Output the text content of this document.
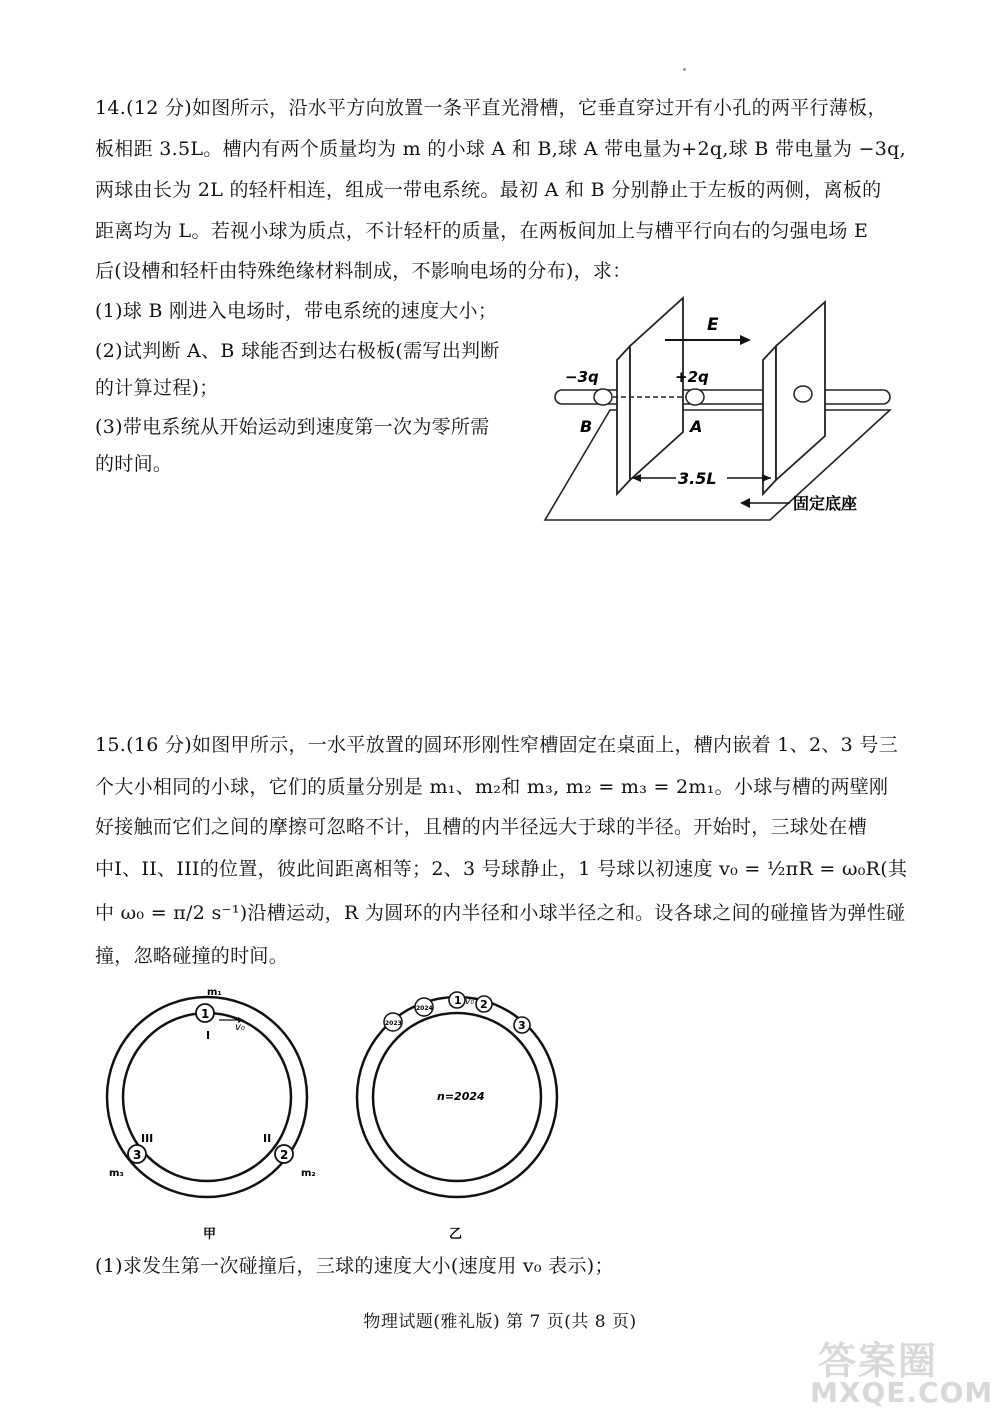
14.(12 分)如图所示，沿水平方向放置一条平直光滑槽，它垂直穿过开有小孔的两平行薄板，
板相距 3.5L。槽内有两个质量均为 m 的小球 A 和 B,球 A 带电量为+2q,球 B 带电量为 −3q,
两球由长为 2L 的轻杆相连，组成一带电系统。最初 A 和 B 分别静止于左板的两侧，离板的
距离均为 L。若视小球为质点，不计轻杆的质量，在两板间加上与槽平行向右的匀强电场 E
后(设槽和轻杆由特殊绝缘材料制成，不影响电场的分布)，求：
(1)球 B 刚进入电场时，带电系统的速度大小；
(2)试判断 A、B 球能否到达右极板(需写出判断
的计算过程)；
(3)带电系统从开始运动到速度第一次为零所需
的时间。
E
−3q	+2q
B	A
3.5L
固定底座
15.(16 分)如图甲所示，一水平放置的圆环形刚性窄槽固定在桌面上，槽内嵌着 1、2、3 号三
个大小相同的小球，它们的质量分别是 m₁、m₂和 m₃, m₂ = m₃ = 2m₁。小球与槽的两壁刚
好接触而它们之间的摩擦可忽略不计，且槽的内半径远大于球的半径。开始时，三球处在槽
中I、II、III的位置，彼此间距离相等；2、3 号球静止，1 号球以初速度 v₀ = ½πR = ω₀R(其
中 ω₀ = π/2 s⁻¹)沿槽运动，R 为圆环的内半径和小球半径之和。设各球之间的碰撞皆为弹性碰
撞，忽略碰撞的时间。
1
m₁
v₀
I
3
III
m₃
2
II
m₂
甲
2023
2024
1 v₀ 2
3
n=2024
乙
(1)求发生第一次碰撞后，三球的速度大小(速度用 v₀ 表示)；
物理试题(雅礼版) 第 7 页(共 8 页)
答案圈
MXQE.COM
